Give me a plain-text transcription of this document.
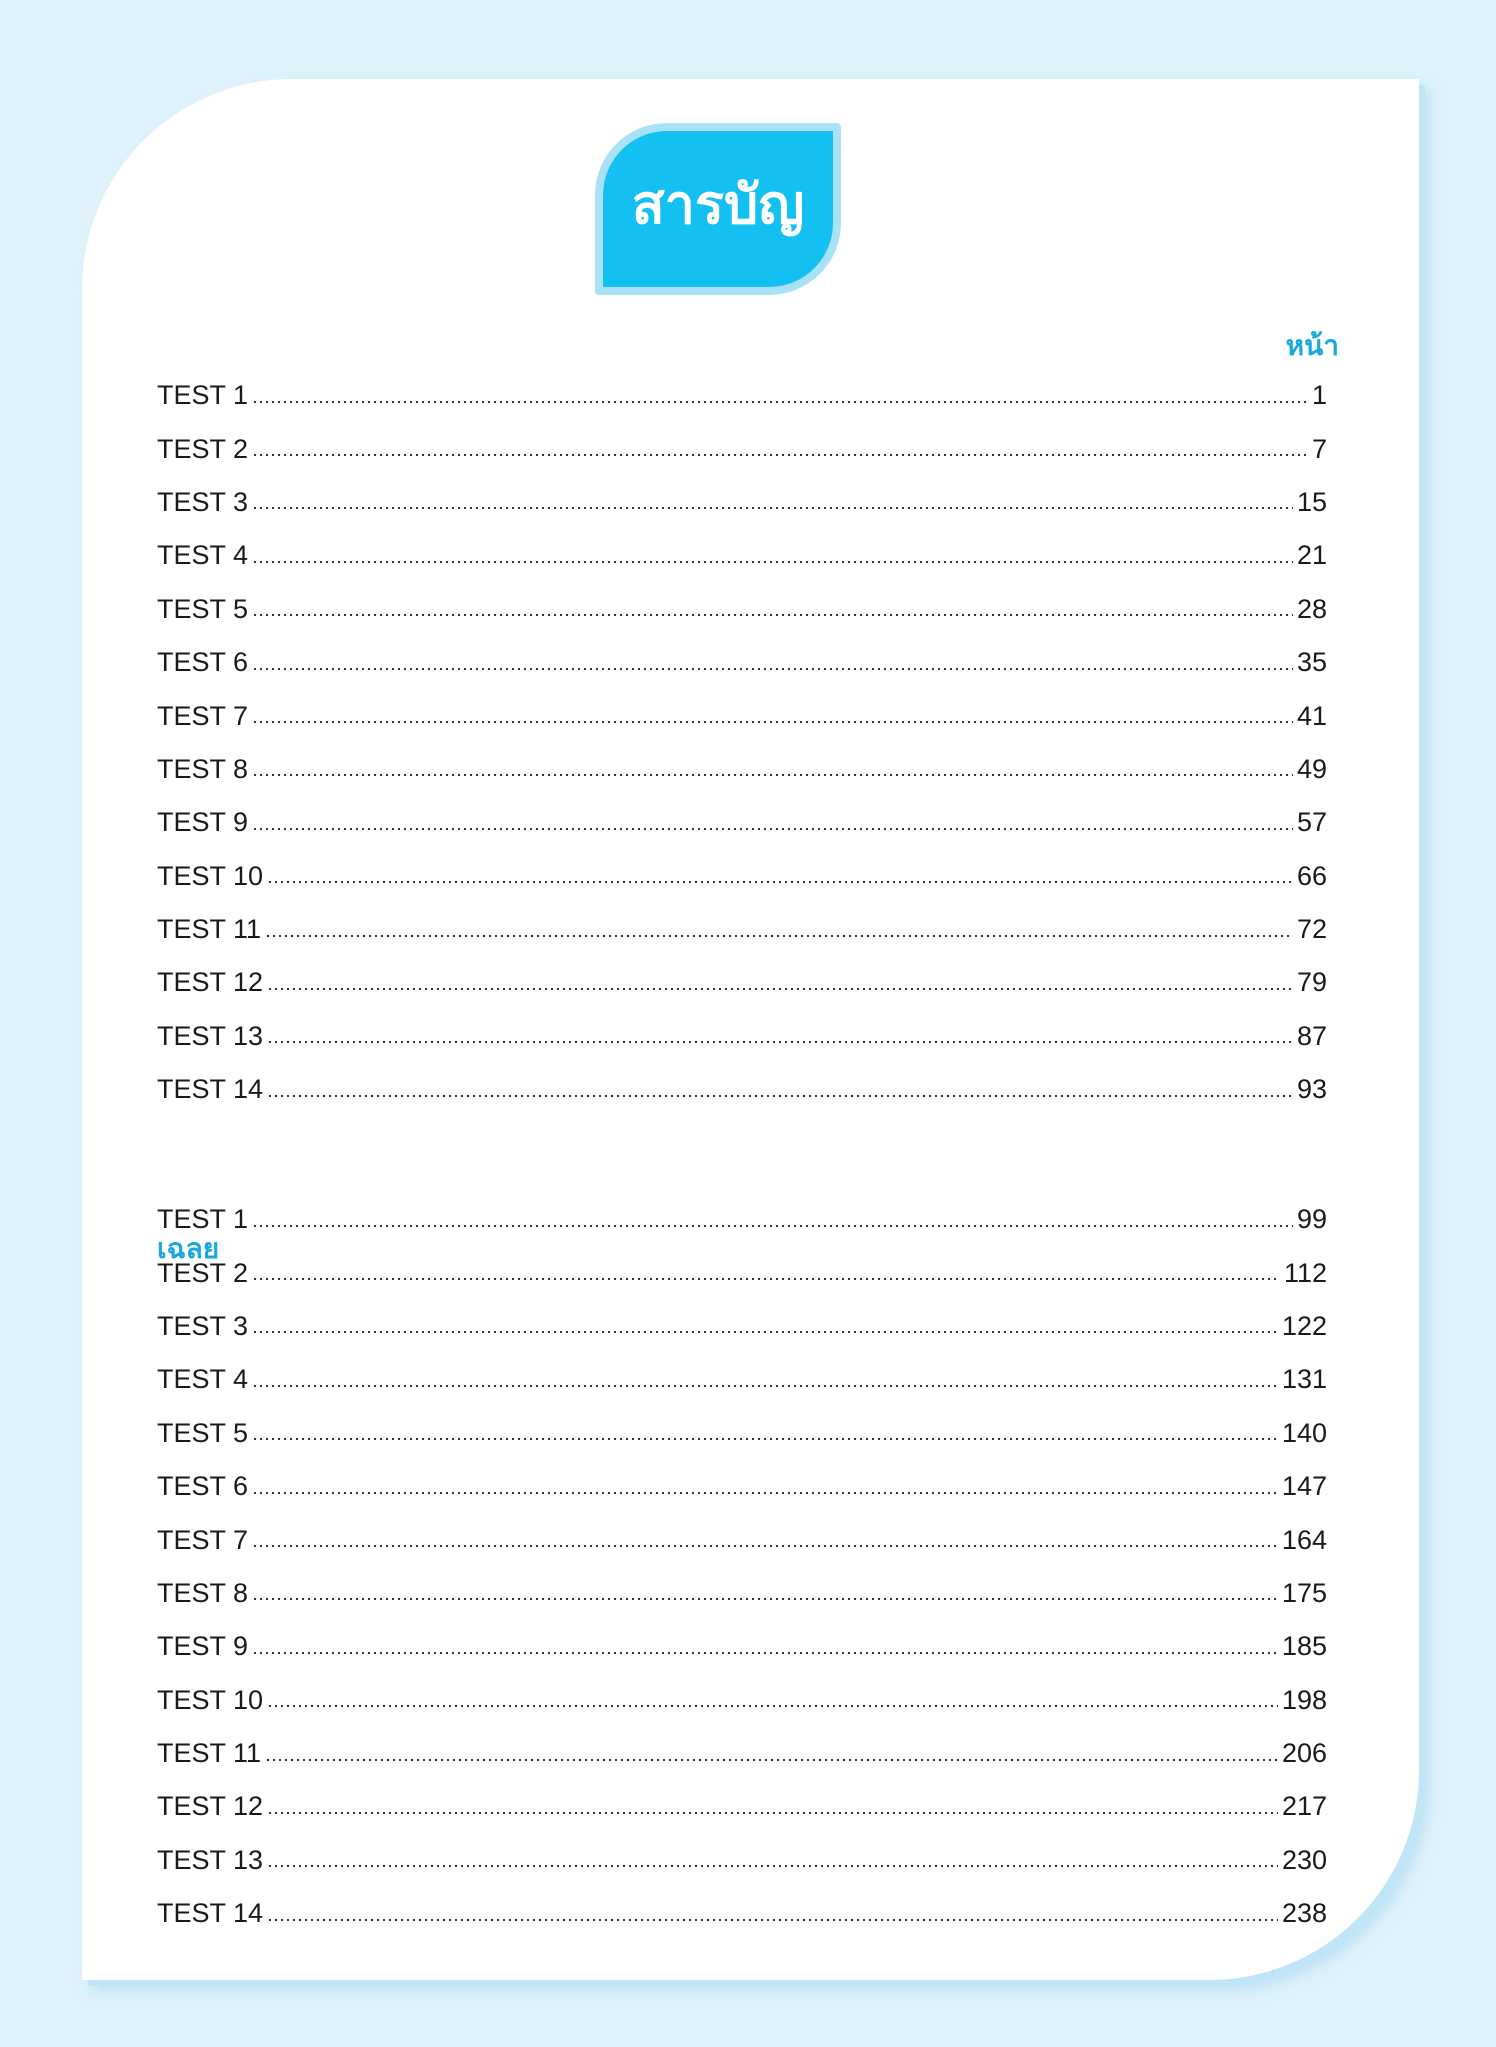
สารบัญ
หน้า
TEST 1	1
TEST 2	7
TEST 3	15
TEST 4	21
TEST 5	28
TEST 6	35
TEST 7	41
TEST 8	49
TEST 9	57
TEST 10	66
TEST 11	72
TEST 12	79
TEST 13	87
TEST 14	93
เฉลย
TEST 1	99
TEST 2	112
TEST 3	122
TEST 4	131
TEST 5	140
TEST 6	147
TEST 7	164
TEST 8	175
TEST 9	185
TEST 10	198
TEST 11	206
TEST 12	217
TEST 13	230
TEST 14	238
